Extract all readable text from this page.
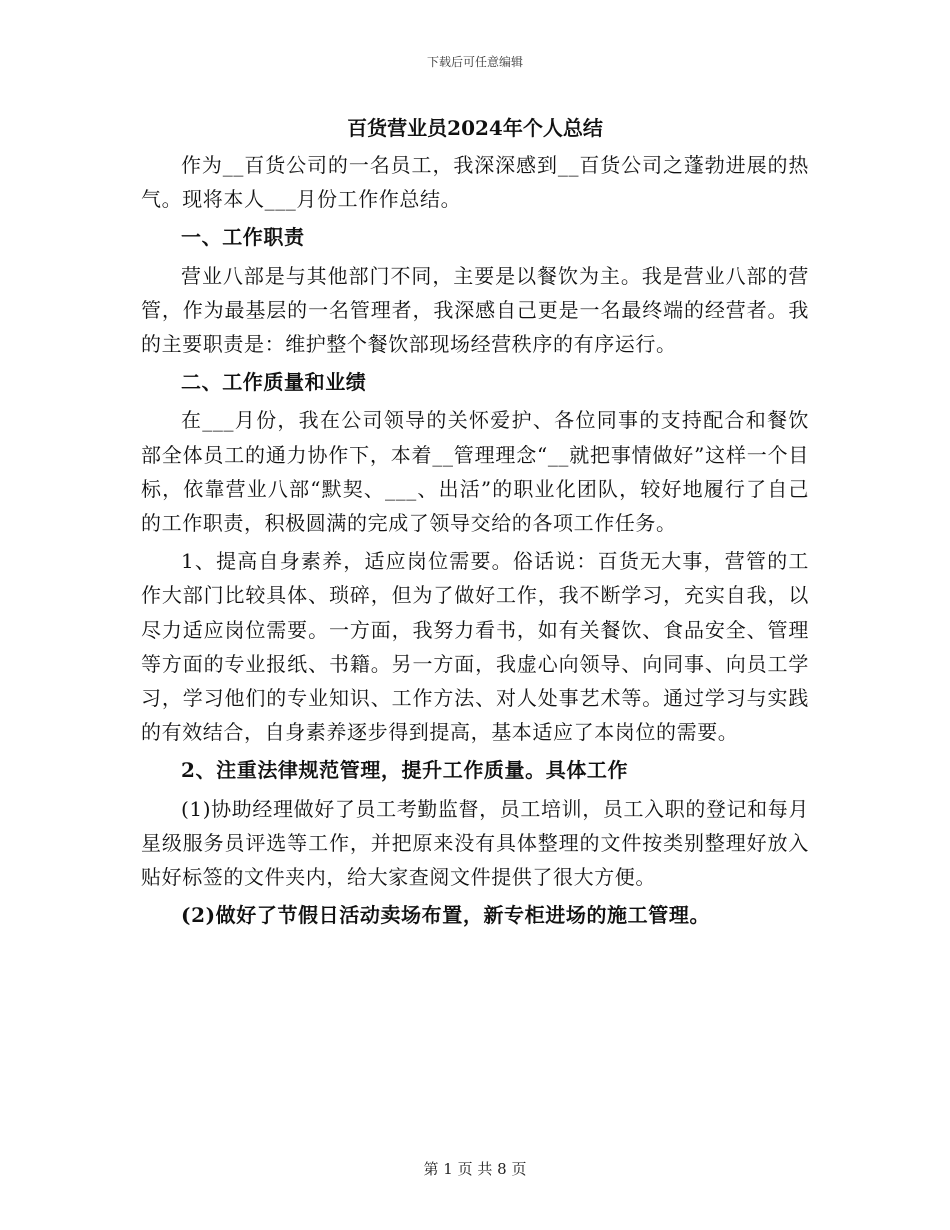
下载后可任意编辑
百货营业员2024年个人总结

作为__百货公司的一名员工，我深深感到__百货公司之蓬勃进展的热气。现将本人___月份工作作总结。

一、工作职责

营业八部是与其他部门不同，主要是以餐饮为主。我是营业八部的营管，作为最基层的一名管理者，我深感自己更是一名最终端的经营者。我的主要职责是：维护整个餐饮部现场经营秩序的有序运行。

二、工作质量和业绩

在___月份，我在公司领导的关怀爱护、各位同事的支持配合和餐饮部全体员工的通力协作下，本着__管理理念“__就把事情做好”这样一个目标，依靠营业八部“默契、___、出活”的职业化团队，较好地履行了自己的工作职责，积极圆满的完成了领导交给的各项工作任务。

1、提高自身素养，适应岗位需要。俗话说：百货无大事，营管的工作大部门比较具体、琐碎，但为了做好工作，我不断学习，充实自我，以尽力适应岗位需要。一方面，我努力看书，如有关餐饮、食品安全、管理等方面的专业报纸、书籍。另一方面，我虚心向领导、向同事、向员工学习，学习他们的专业知识、工作方法、对人处事艺术等。通过学习与实践的有效结合，自身素养逐步得到提高，基本适应了本岗位的需要。

2、注重法律规范管理，提升工作质量。具体工作

(1)协助经理做好了员工考勤监督，员工培训，员工入职的登记和每月星级服务员评选等工作，并把原来没有具体整理的文件按类别整理好放入贴好标签的文件夹内，给大家查阅文件提供了很大方便。

(2)做好了节假日活动卖场布置，新专柜进场的施工管理。

第 1 页 共 8 页
